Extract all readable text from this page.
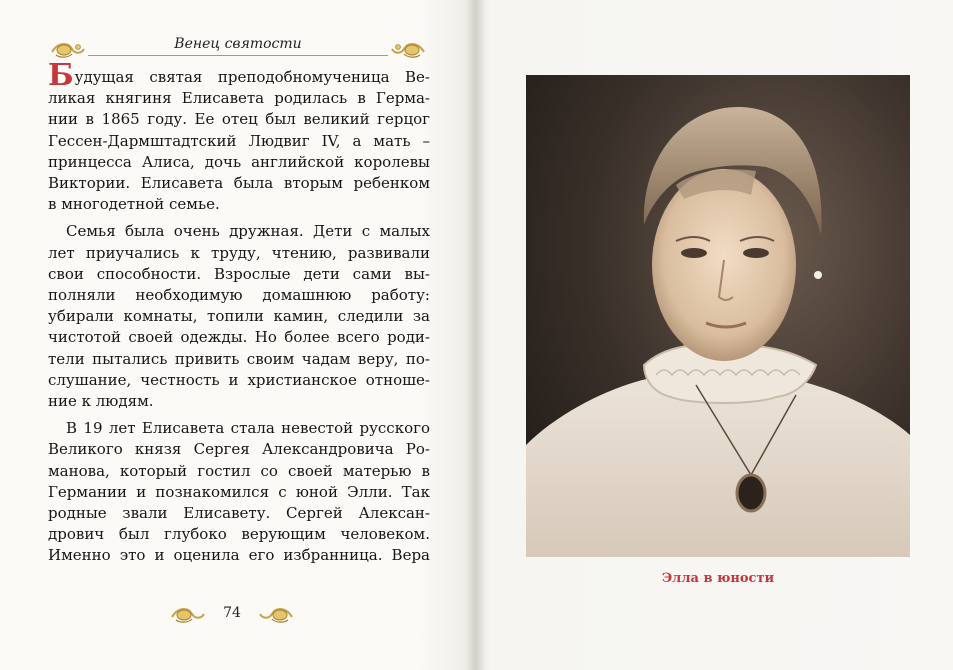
Венец святости

Будущая святая преподобномученица Ве-
ликая княгиня Елисавета родилась в Герма-
нии в 1865 году. Ее отец был великий герцог
Гессен-Дармштадтский Людвиг IV, а мать –
принцесса Алиса, дочь английской королевы
Виктории. Елисавета была вторым ребенком
в многодетной семье.

Семья была очень дружная. Дети с малых
лет приучались к труду, чтению, развивали
свои способности. Взрослые дети сами вы-
полняли необходимую домашнюю работу:
убирали комнаты, топили камин, следили за
чистотой своей одежды. Но более всего роди-
тели пытались привить своим чадам веру, по-
слушание, честность и христианское отноше-
ние к людям.

В 19 лет Елисавета стала невестой русского
Великого князя Сергея Александровича Ро-
манова, который гостил со своей матерью в
Германии и познакомился с юной Элли. Так
родные звали Елисавету. Сергей Алексан-
дрович был глубоко верующим человеком.
Именно это и оценила его избранница. Вера

74
Элла в юности
